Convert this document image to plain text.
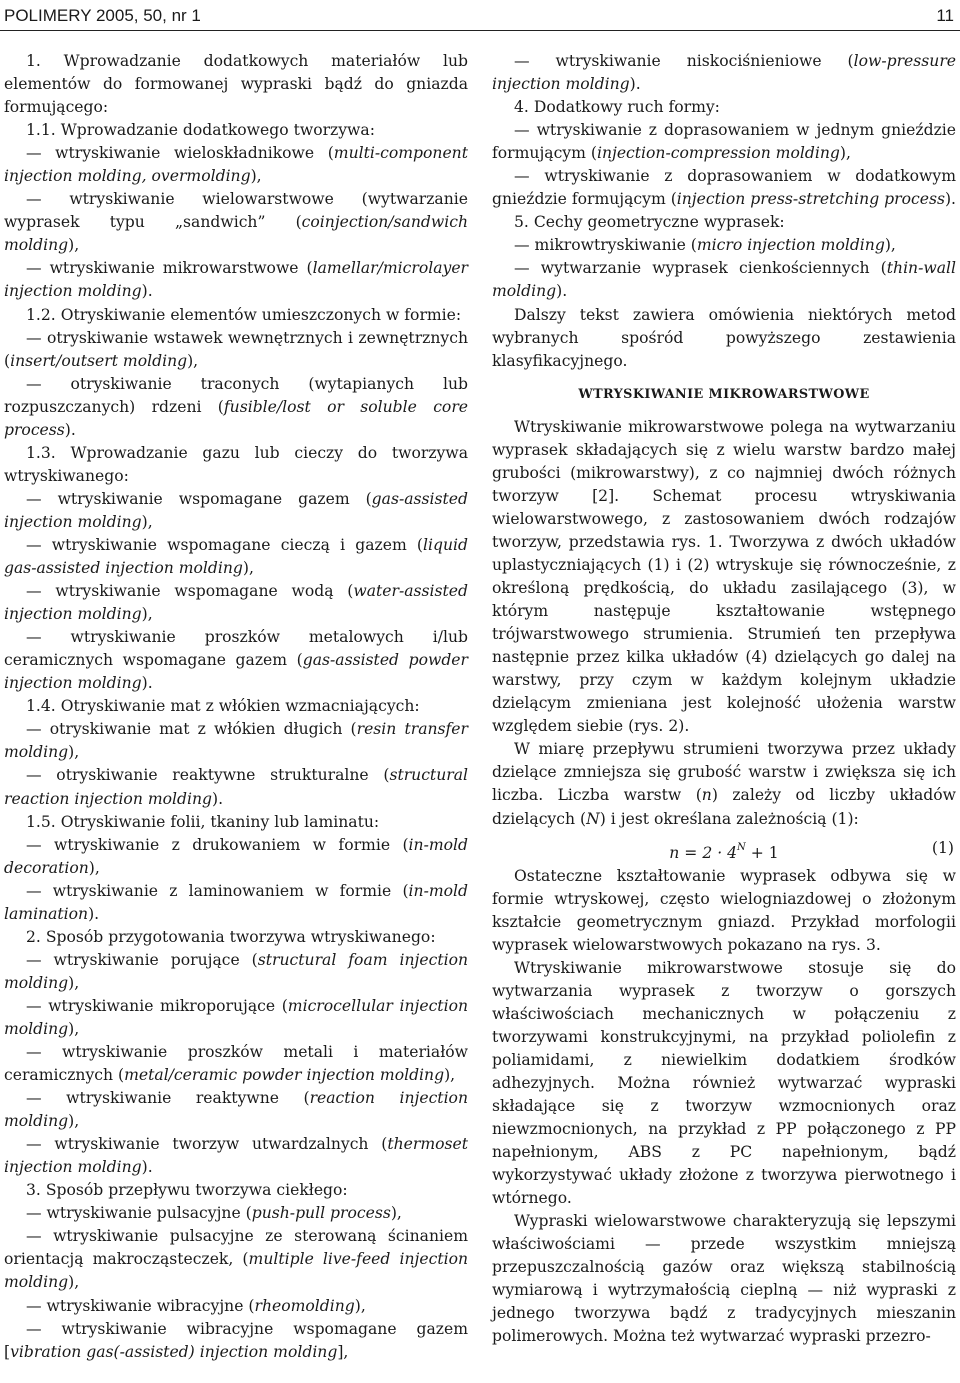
POLIMERY 2005, 50, nr 1	11
1. Wprowadzanie dodatkowych materiałów lub elementów do formowanej wypraski bądź do gniazda formującego:
1.1. Wprowadzanie dodatkowego tworzywa:
— wtryskiwanie wieloskładnikowe (multi-component injection molding, overmolding),
— wtryskiwanie wielowarstwowe (wytwarzanie wyprasek typu „sandwich” (coinjection/sandwich molding),
— wtryskiwanie mikrowarstwowe (lamellar/microlayer injection molding).
1.2. Otryskiwanie elementów umieszczonych w formie:
— otryskiwanie wstawek wewnętrznych i zewnętrznych (insert/outsert molding),
— otryskiwanie traconych (wytapianych lub rozpuszczanych) rdzeni (fusible/lost or soluble core process).
1.3. Wprowadzanie gazu lub cieczy do tworzywa wtryskiwanego:
— wtryskiwanie wspomagane gazem (gas-assisted injection molding),
— wtryskiwanie wspomagane cieczą i gazem (liquid gas-assisted injection molding),
— wtryskiwanie wspomagane wodą (water-assisted injection molding),
— wtryskiwanie proszków metalowych i/lub ceramicznych wspomagane gazem (gas-assisted powder injection molding).
1.4. Otryskiwanie mat z włókien wzmacniających:
— otryskiwanie mat z włókien długich (resin transfer molding),
— otryskiwanie reaktywne strukturalne (structural reaction injection molding).
1.5. Otryskiwanie folii, tkaniny lub laminatu:
— wtryskiwanie z drukowaniem w formie (in-mold decoration),
— wtryskiwanie z laminowaniem w formie (in-mold lamination).
2. Sposób przygotowania tworzywa wtryskiwanego:
— wtryskiwanie porujące (structural foam injection molding),
— wtryskiwanie mikroporujące (microcellular injection molding),
— wtryskiwanie proszków metali i materiałów ceramicznych (metal/ceramic powder injection molding),
— wtryskiwanie reaktywne (reaction injection molding),
— wtryskiwanie tworzyw utwardzalnych (thermoset injection molding).
3. Sposób przepływu tworzywa ciekłego:
— wtryskiwanie pulsacyjne (push-pull process),
— wtryskiwanie pulsacyjne ze sterowaną ścinaniem orientacją makrocząsteczek, (multiple live-feed injection molding),
— wtryskiwanie wibracyjne (rheomolding),
— wtryskiwanie wibracyjne wspomagane gazem [vibration gas(-assisted) injection molding],
— wtryskiwanie niskociśnieniowe (low-pressure injection molding).
4. Dodatkowy ruch formy:
— wtryskiwanie z doprasowaniem w jednym gnieździe formującym (injection-compression molding),
— wtryskiwanie z doprasowaniem w dodatkowym gnieździe formującym (injection press-stretching process).
5. Cechy geometryczne wyprasek:
— mikrowtryskiwanie (micro injection molding),
— wytwarzanie wyprasek cienkościennych (thin-wall molding).
Dalszy tekst zawiera omówienia niektórych metod wybranych spośród powyższego zestawienia klasyfikacyjnego.
WTRYSKIWANIE MIKROWARSTWOWE
Wtryskiwanie mikrowarstwowe polega na wytwarzaniu wyprasek składających się z wielu warstw bardzo małej grubości (mikrowarstwy), z co najmniej dwóch różnych tworzyw [2]. Schemat procesu wtryskiwania wielowarstwowego, z zastosowaniem dwóch rodzajów tworzyw, przedstawia rys. 1. Tworzywa z dwóch układów uplastyczniających (1) i (2) wtryskuje się równocześnie, z określoną prędkością, do układu zasilającego (3), w którym następuje kształtowanie wstępnego trójwarstwowego strumienia. Strumień ten przepływa następnie przez kilka układów (4) dzielących go dalej na warstwy, przy czym w każdym kolejnym układzie dzielącym zmieniana jest kolejność ułożenia warstw względem siebie (rys. 2).
W miarę przepływu strumieni tworzywa przez układy dzielące zmniejsza się grubość warstw i zwiększa się ich liczba. Liczba warstw (n) zależy od liczby układów dzielących (N) i jest określana zależnością (1):
$n = 2 \cdot 4^N + 1$	(1)
Ostateczne kształtowanie wyprasek odbywa się w formie wtryskowej, często wielogniazdowej o złożonym kształcie geometrycznym gniazd. Przykład morfologii wyprasek wielowarstwowych pokazano na rys. 3.
Wtryskiwanie mikrowarstwowe stosuje się do wytwarzania wyprasek z tworzyw o gorszych właściwościach mechanicznych w połączeniu z tworzywami konstrukcyjnymi, na przykład poliolefin z poliamidami, z niewielkim dodatkiem środków adhezyjnych. Można również wytwarzać wypraski składające się z tworzyw wzmocnionych oraz niewzmocnionych, na przykład z PP połączonego z PP napełnionym, ABS z PC napełnionym, bądź wykorzystywać układy złożone z tworzywa pierwotnego i wtórnego.
Wypraski wielowarstwowe charakteryzują się lepszymi właściwościami — przede wszystkim mniejszą przepuszczalnością gazów oraz większą stabilnością wymiarową i wytrzymałością cieplną — niż wypraski z jednego tworzywa bądź z tradycyjnych mieszanin polimerowych. Można też wytwarzać wypraski przezro-
